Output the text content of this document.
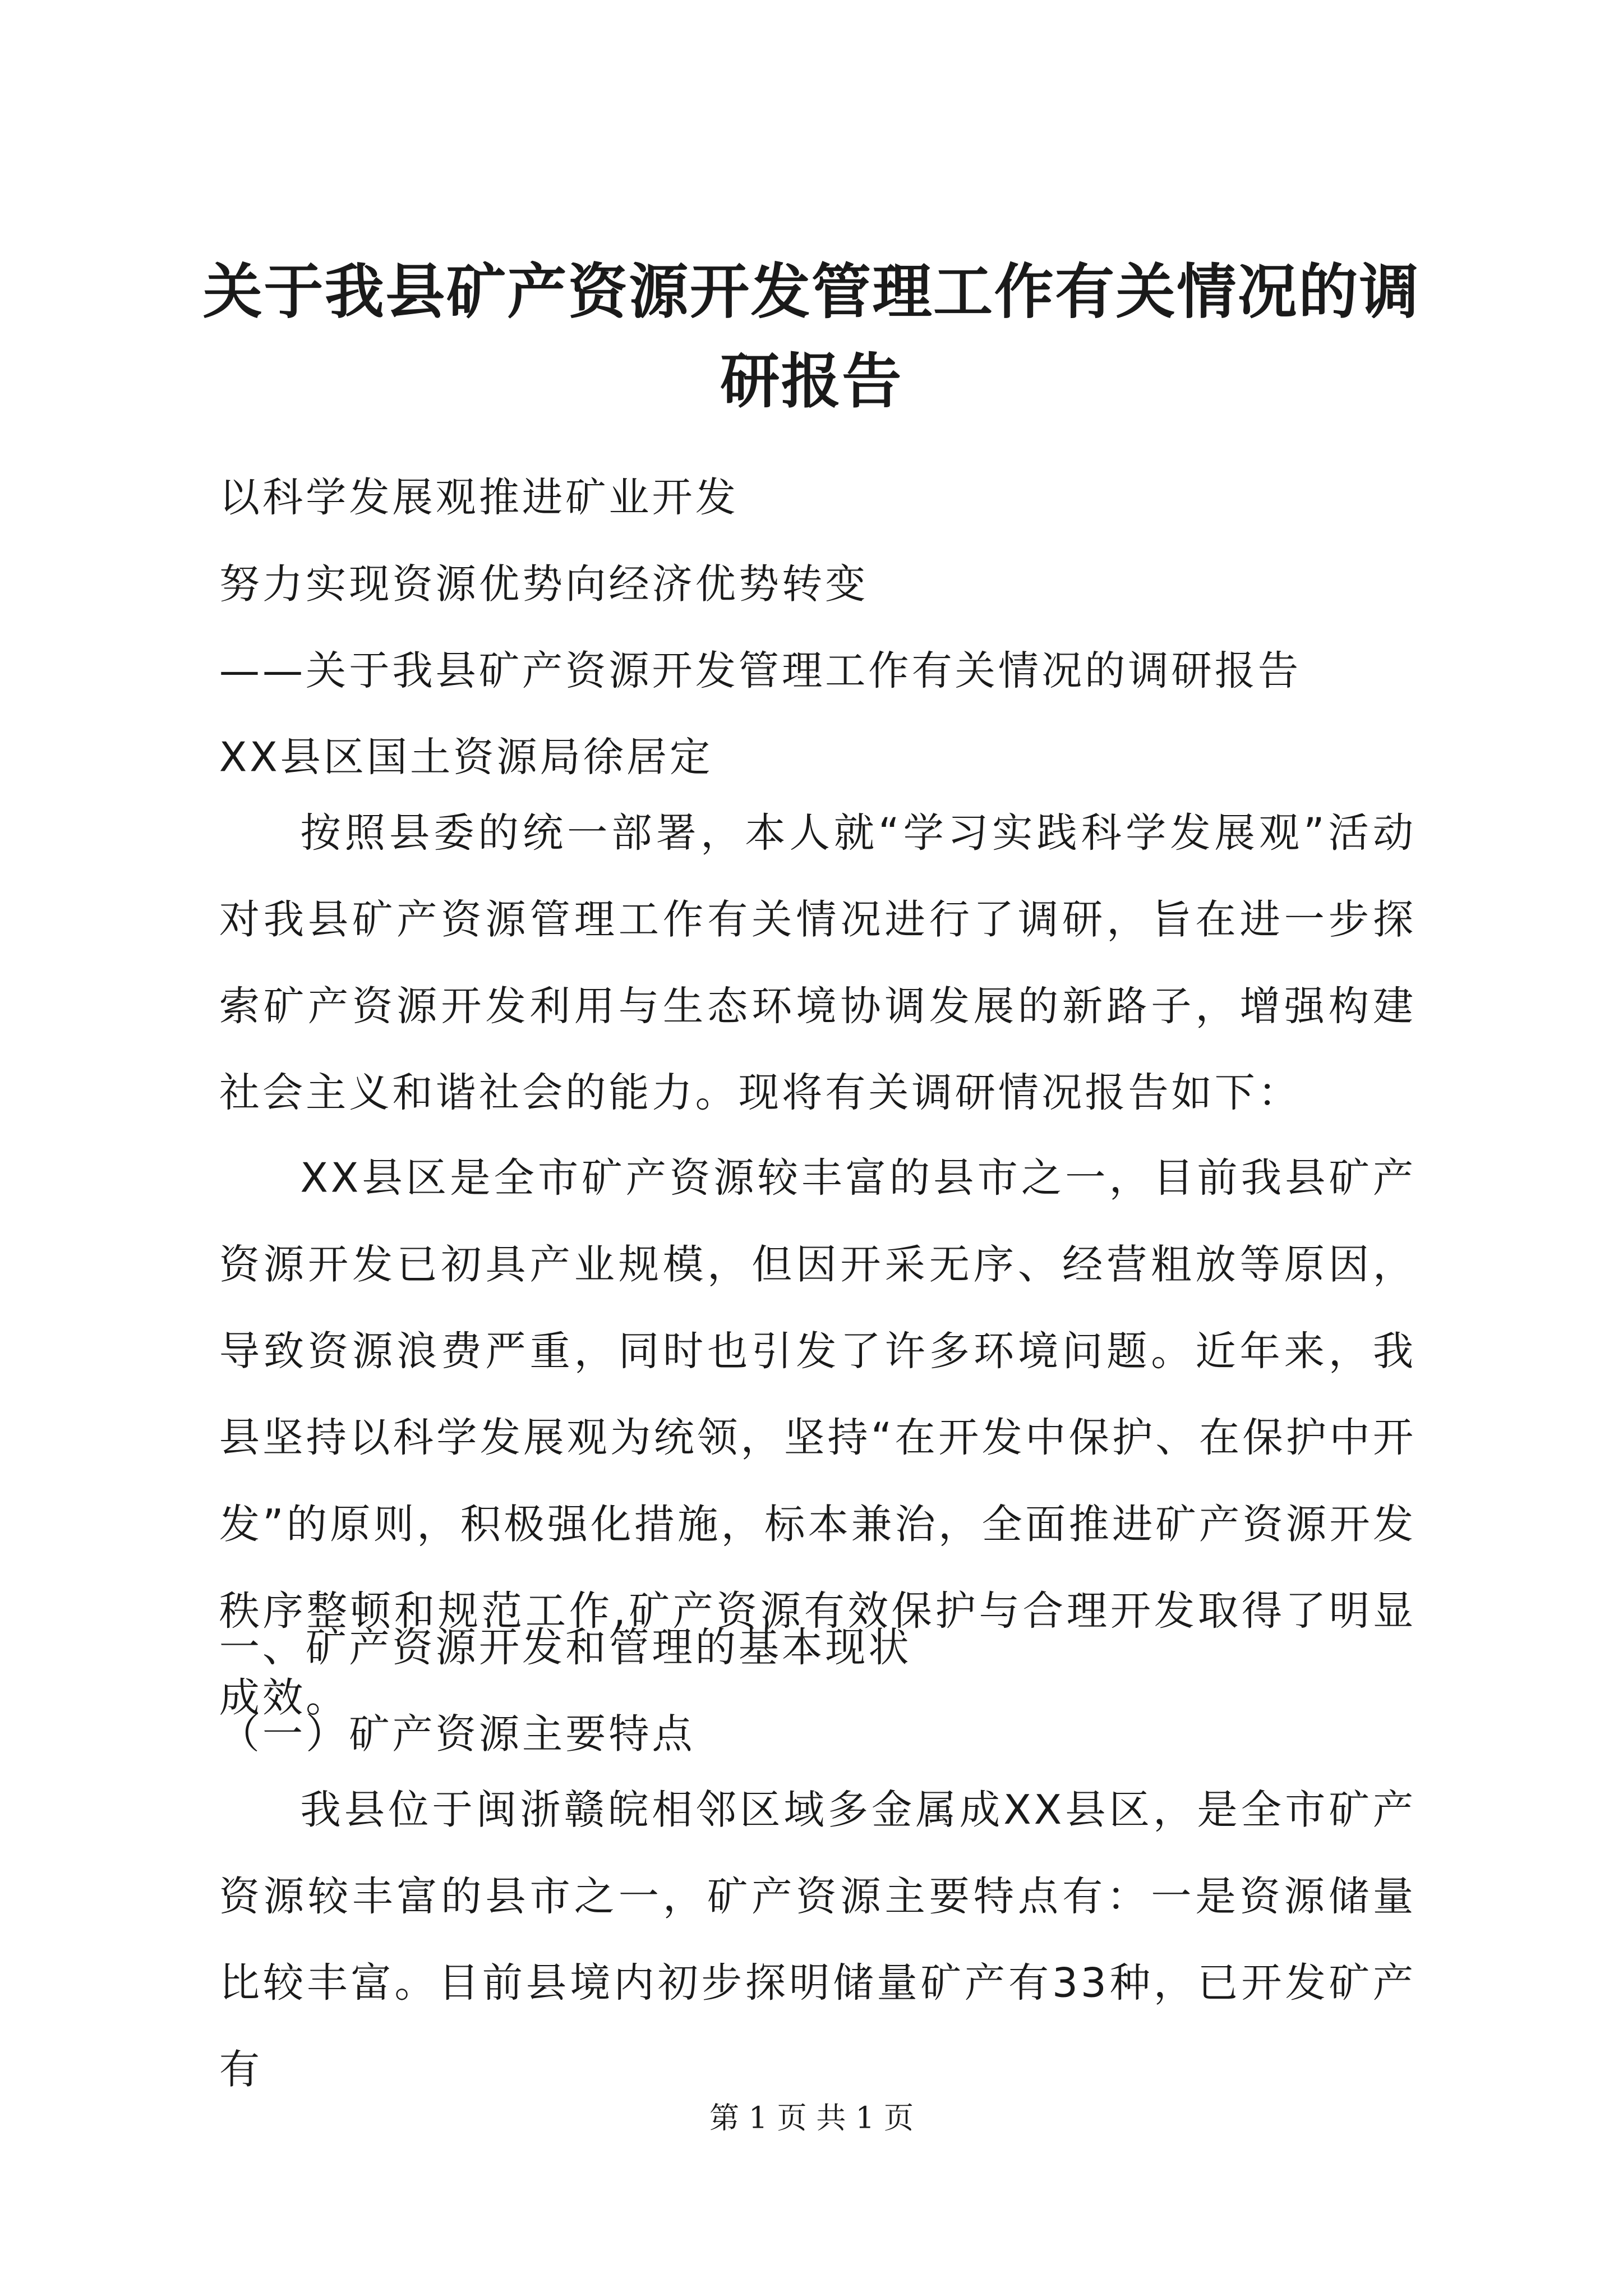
关于我县矿产资源开发管理工作有关情况的调
研报告

以科学发展观推进矿业开发

努力实现资源优势向经济优势转变

——关于我县矿产资源开发管理工作有关情况的调研报告

XX县区国土资源局徐居定

按照县委的统一部署，本人就“学习实践科学发展观”活动对我县矿产资源管理工作有关情况进行了调研，旨在进一步探索矿产资源开发利用与生态环境协调发展的新路子，增强构建社会主义和谐社会的能力。现将有关调研情况报告如下：

XX县区是全市矿产资源较丰富的县市之一，目前我县矿产资源开发已初具产业规模，但因开采无序、经营粗放等原因，导致资源浪费严重，同时也引发了许多环境问题。近年来，我县坚持以科学发展观为统领，坚持“在开发中保护、在保护中开发”的原则，积极强化措施，标本兼治，全面推进矿产资源开发秩序整顿和规范工作,矿产资源有效保护与合理开发取得了明显成效。

一、矿产资源开发和管理的基本现状

（一）矿产资源主要特点

我县位于闽浙赣皖相邻区域多金属成XX县区，是全市矿产资源较丰富的县市之一，矿产资源主要特点有：一是资源储量比较丰富。目前县境内初步探明储量矿产有33种，已开发矿产有

第 1 页 共 1 页
